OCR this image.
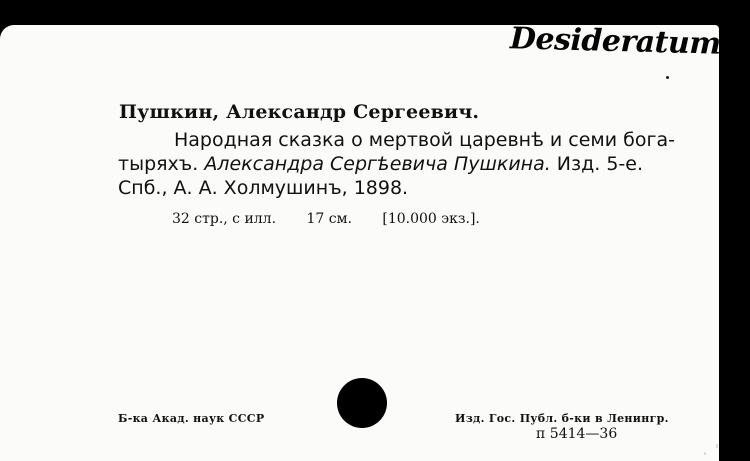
Desideratum
Пушкин, Александр Сергеевич.
Народная сказка о мертвой царевнѣ и семи бога-
тыряхъ. Александра Сергѣевича Пушкина. Изд. 5-е.
Спб., А. А. Холмушинъ, 1898.
32 стр., с илл. 17 см. [10.000 экз.].
Б-ка Акад. наук СССР	Изд. Гос. Публ. б-ки в Ленингр.
п 5414—36
